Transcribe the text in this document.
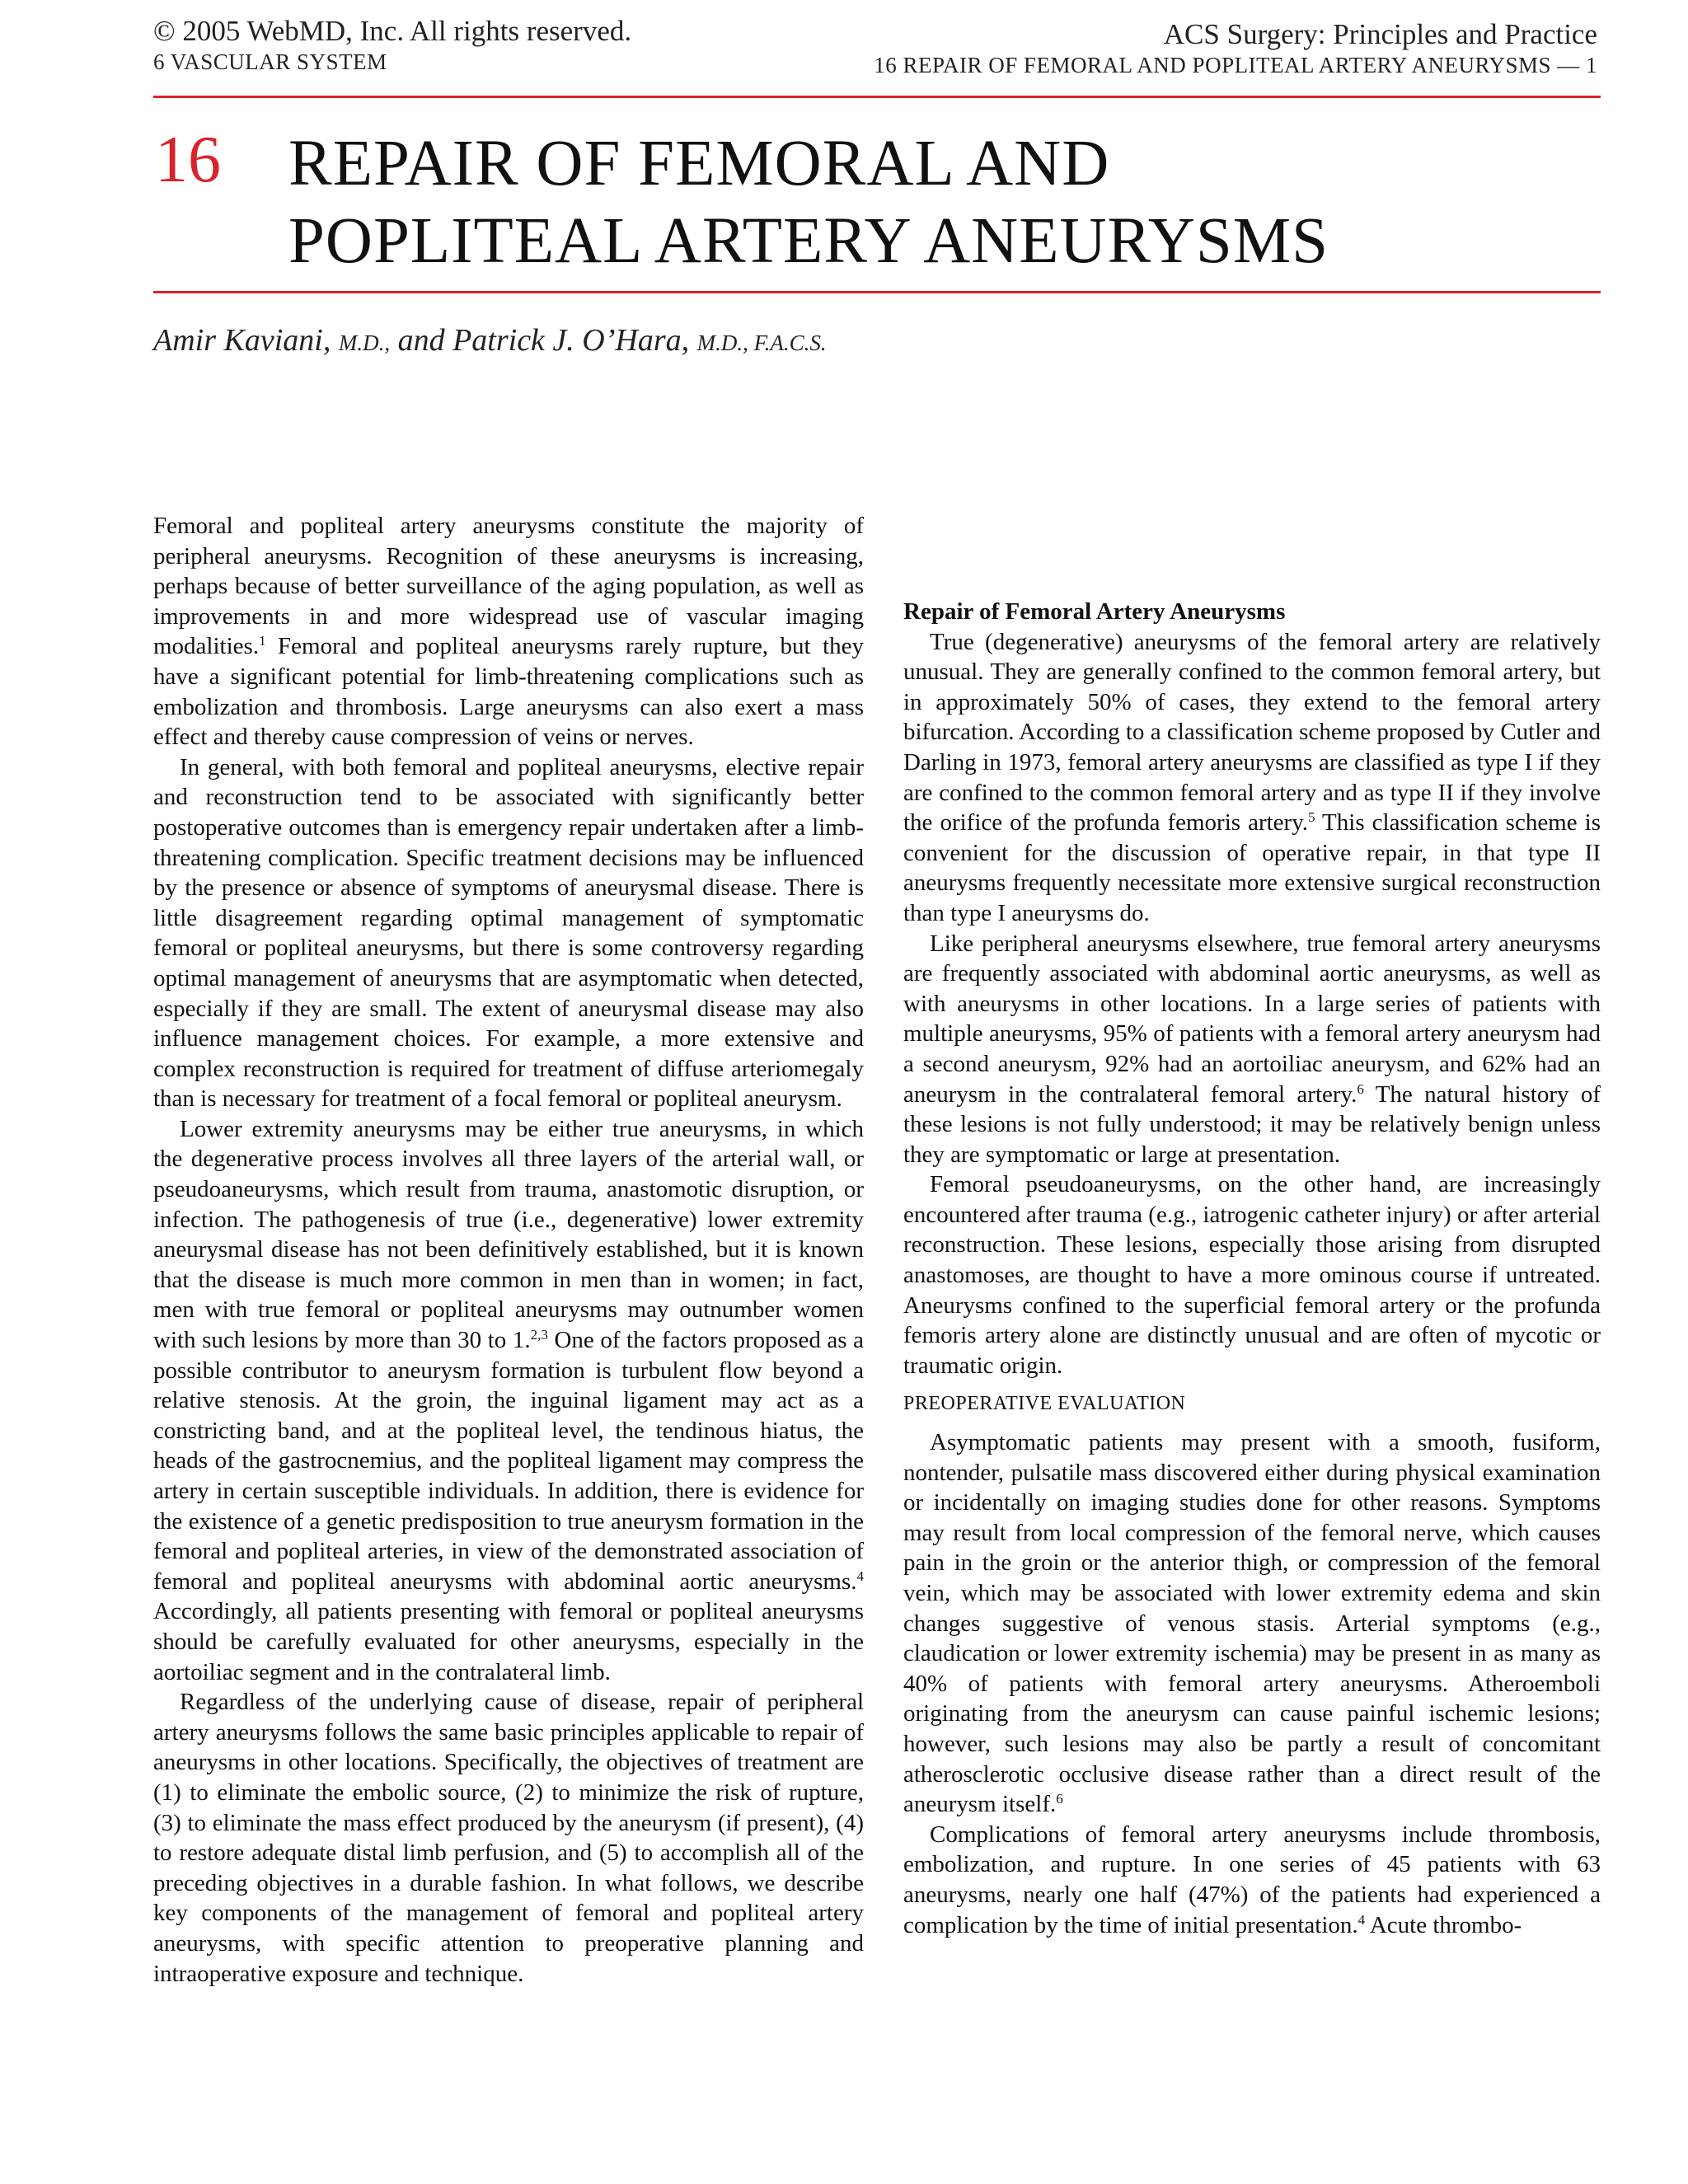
© 2005 WebMD, Inc. All rights reserved.
6 VASCULAR SYSTEM
ACS Surgery: Principles and Practice
16 REPAIR OF FEMORAL AND POPLITEAL ARTERY ANEURYSMS — 1
16 REPAIR OF FEMORAL AND
POPLITEAL ARTERY ANEURYSMS
Amir Kaviani, M.D., and Patrick J. O’Hara, M.D., F.A.C.S.

Femoral and popliteal artery aneurysms constitute the majority of peripheral aneurysms. Recognition of these aneurysms is increasing, perhaps because of better surveillance of the aging population, as well as improvements in and more widespread use of vascular imaging modalities.$^1$ Femoral and popliteal aneurysms rarely rupture, but they have a significant potential for limb-threatening complications such as embolization and thrombosis. Large aneurysms can also exert a mass effect and thereby cause compression of veins or nerves.

In general, with both femoral and popliteal aneurysms, elective repair and reconstruction tend to be associated with significantly better postoperative outcomes than is emergency repair undertaken after a limb-threatening complication. Specific treatment decisions may be influenced by the presence or absence of symptoms of aneurysmal disease. There is little disagreement regarding optimal management of symptomatic femoral or popliteal aneurysms, but there is some controversy regarding optimal management of aneurysms that are asymptomatic when detected, especially if they are small. The extent of aneurysmal disease may also influence management choices. For example, a more extensive and complex reconstruction is required for treatment of diffuse arteriomegaly than is necessary for treatment of a focal femoral or popliteal aneurysm.

Lower extremity aneurysms may be either true aneurysms, in which the degenerative process involves all three layers of the arterial wall, or pseudoaneurysms, which result from trauma, anastomotic disruption, or infection. The pathogenesis of true (i.e., degenerative) lower extremity aneurysmal disease has not been definitively established, but it is known that the disease is much more common in men than in women; in fact, men with true femoral or popliteal aneurysms may outnumber women with such lesions by more than 30 to 1.$^{2,3}$ One of the factors proposed as a possible contributor to aneurysm formation is turbulent flow beyond a relative stenosis. At the groin, the inguinal ligament may act as a constricting band, and at the popliteal level, the tendinous hiatus, the heads of the gastrocnemius, and the popliteal ligament may compress the artery in certain susceptible individuals. In addition, there is evidence for the existence of a genetic predisposition to true aneurysm formation in the femoral and popliteal arteries, in view of the demonstrated association of femoral and popliteal aneurysms with abdominal aortic aneurysms.$^4$ Accordingly, all patients presenting with femoral or popliteal aneurysms should be carefully evaluated for other aneurysms, especially in the aortoiliac segment and in the contralateral limb.

Regardless of the underlying cause of disease, repair of peripheral artery aneurysms follows the same basic principles applicable to repair of aneurysms in other locations. Specifically, the objectives of treatment are (1) to eliminate the embolic source, (2) to minimize the risk of rupture, (3) to eliminate the mass effect produced by the aneurysm (if present), (4) to restore adequate distal limb perfusion, and (5) to accomplish all of the preceding objectives in a durable fashion. In what follows, we describe key components of the management of femoral and popliteal artery aneurysms, with specific attention to preoperative planning and intraoperative exposure and technique.

Repair of Femoral Artery Aneurysms

True (degenerative) aneurysms of the femoral artery are relatively unusual. They are generally confined to the common femoral artery, but in approximately 50% of cases, they extend to the femoral artery bifurcation. According to a classification scheme proposed by Cutler and Darling in 1973, femoral artery aneurysms are classified as type I if they are confined to the common femoral artery and as type II if they involve the orifice of the profunda femoris artery.$^5$ This classification scheme is convenient for the discussion of operative repair, in that type II aneurysms frequently necessitate more extensive surgical reconstruction than type I aneurysms do.

Like peripheral aneurysms elsewhere, true femoral artery aneurysms are frequently associated with abdominal aortic aneurysms, as well as with aneurysms in other locations. In a large series of patients with multiple aneurysms, 95% of patients with a femoral artery aneurysm had a second aneurysm, 92% had an aortoiliac aneurysm, and 62% had an aneurysm in the contralateral femoral artery.$^6$ The natural history of these lesions is not fully understood; it may be relatively benign unless they are symptomatic or large at presentation.

Femoral pseudoaneurysms, on the other hand, are increasingly encountered after trauma (e.g., iatrogenic catheter injury) or after arterial reconstruction. These lesions, especially those arising from disrupted anastomoses, are thought to have a more ominous course if untreated. Aneurysms confined to the superficial femoral artery or the profunda femoris artery alone are distinctly unusual and are often of mycotic or traumatic origin.

PREOPERATIVE EVALUATION

Asymptomatic patients may present with a smooth, fusiform, nontender, pulsatile mass discovered either during physical examination or incidentally on imaging studies done for other reasons. Symptoms may result from local compression of the femoral nerve, which causes pain in the groin or the anterior thigh, or compression of the femoral vein, which may be associated with lower extremity edema and skin changes suggestive of venous stasis. Arterial symptoms (e.g., claudication or lower extremity ischemia) may be present in as many as 40% of patients with femoral artery aneurysms. Atheroemboli originating from the aneurysm can cause painful ischemic lesions; however, such lesions may also be partly a result of concomitant atherosclerotic occlusive disease rather than a direct result of the aneurysm itself.$^6$

Complications of femoral artery aneurysms include thrombosis, embolization, and rupture. In one series of 45 patients with 63 aneurysms, nearly one half (47%) of the patients had experienced a complication by the time of initial presentation.$^4$ Acute thrombo-
